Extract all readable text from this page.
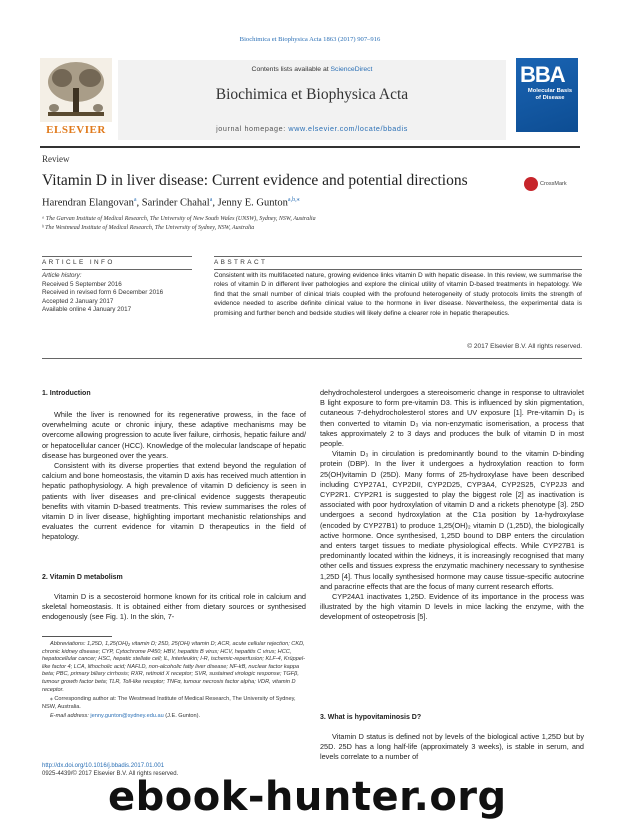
Biochimica et Biophysica Acta 1863 (2017) 907–916
ELSEVIER
Contents lists available at ScienceDirect
Biochimica et Biophysica Acta
journal homepage: www.elsevier.com/locate/bbadis
BBA
Molecular Basis of Disease
Review
Vitamin D in liver disease: Current evidence and potential directions	CrossMark
Harendran Elangovan$^a$, Sarinder Chahal$^a$, Jenny E. Gunton$^{a,b,⁎}$
ᵃ The Garvan Institute of Medical Research, The University of New South Wales (UNSW), Sydney, NSW, Australia
ᵇ The Westmead Institute of Medical Research, The University of Sydney, NSW, Australia
ARTICLE INFO
Article history:
Received 5 September 2016
Received in revised form 6 December 2016
Accepted 2 January 2017
Available online 4 January 2017
ABSTRACT
Consistent with its multifaceted nature, growing evidence links vitamin D with hepatic disease. In this review, we summarise the roles of vitamin D in different liver pathologies and explore the clinical utility of vitamin D-based treatments in hepatology. We find that the small number of clinical trials coupled with the profound heterogeneity of study protocols limits the strength of evidence needed to ascribe definite clinical value to the hormone in liver disease. Nevertheless, the experimental data is promising and further bench and bedside studies will likely define a clearer role in hepatic therapeutics.
© 2017 Elsevier B.V. All rights reserved.
1. Introduction

While the liver is renowned for its regenerative prowess, in the face of overwhelming acute or chronic injury, these adaptive mechanisms may be overcome allowing progression to acute liver failure, cirrhosis, hepatic failure and/ or hepatocellular cancer (HCC). Knowledge of the molecular landscape of hepatic disease has burgeoned over the years.

Consistent with its diverse properties that extend beyond the regulation of calcium and bone homeostasis, the vitamin D axis has received much attention in hepatic pathophysiology. A high prevalence of vitamin D deficiency is seen in patients with liver diseases and pre-clinical evidence suggests therapeutic benefits with vitamin D-based treatments. This review summarises the roles of vitamin D in liver disease, highlighting important mechanistic relationships and evaluates the current evidence for vitamin D therapeutics in the field of hepatology.

2. Vitamin D metabolism

Vitamin D is a secosteroid hormone known for its critical role in calcium and skeletal homeostasis. It is obtained either from dietary sources or synthesised endogenously (see Fig. 1). In the skin, 7-

Abbreviations: 1,25D, 1,25(OH)₂ vitamin D; 25D, 25(OH) vitamin D; ACR, acute cellular rejection; CKD, chronic kidney disease; CYP, Cytochrome P450; HBV, hepatitis B virus; HCV, hepatitis C virus; HCC, hepatocellular cancer; HSC, hepatic stellate cell; IL, Interleukin; I-R, ischemic-reperfusion; KLF-4, Krüppel-like factor 4; LCA, lithocholic acid; NAFLD, non-alcoholic fatty liver disease; NF-kB, nuclear factor kappa beta; PBC, primary biliary cirrhosis; RXR, retinoid X receptor; SVR, sustained virologic response; TGFβ, tumour growth factor beta; TLR, Toll-like receptor; TNFα, tumour necrosis factor alpha; VDR, vitamin D receptor.

⁎ Corresponding author at: The Westmead Institute of Medical Research, The University of Sydney, NSW, Australia.

E-mail address: jenny.gunton@sydney.edu.au (J.E. Gunton).

dehydrocholesterol undergoes a stereoisomeric change in response to ultraviolet B light exposure to form pre-vitamin D3. This is influenced by skin pigmentation, cutaneous 7-dehydrocholesterol stores and UV exposure [1]. Pre-vitamin D₃ is then converted to vitamin D₃ via non-enzymatic isomerisation, a process that takes approximately 2 to 3 days and produces the bulk of vitamin D in most people.

Vitamin D₃ in circulation is predominantly bound to the vitamin D-binding protein (DBP). In the liver it undergoes a hydroxylation reaction to form 25(OH)vitamin D (25D). Many forms of 25-hydroxylase have been described including CYP27A1, CYP2DII, CYP2D25, CYP3A4, CYP2S25, CYP2J3 and CYP2R1. CYP2R1 is suggested to play the biggest role [2] as inactivation is associated with poor hydroxylation of vitamin D and a rickets phenotype [3]. 25D undergoes a second hydroxylation at the C1a position by 1a-hydroxylase (encoded by CYP27B1) to produce 1,25(OH)₂ vitamin D (1,25D), the biologically active hormone. Once synthesised, 1,25D bound to DBP enters the circulation and enters target tissues to mediate physiological effects. While CYP27B1 is predominantly located within the kidneys, it is increasingly recognised that many other cells and tissues express the enzymatic machinery necessary to synthesise 1,25D [4]. Thus locally synthesised hormone may cause tissue-specific autocrine and paracrine effects that are the focus of many current research efforts.

CYP24A1 inactivates 1,25D. Evidence of its importance in the process was illustrated by the high vitamin D levels in mice lacking the enzyme, with the development of osteopetrosis [5].

3. What is hypovitaminosis D?

Vitamin D status is defined not by levels of the biological active 1,25D but by 25D. 25D has a long half-life (approximately 3 weeks), is stable in serum, and levels correlate to a number of

http://dx.doi.org/10.1016/j.bbadis.2017.01.001
0925-4439/© 2017 Elsevier B.V. All rights reserved.
ebook-hunter.org
